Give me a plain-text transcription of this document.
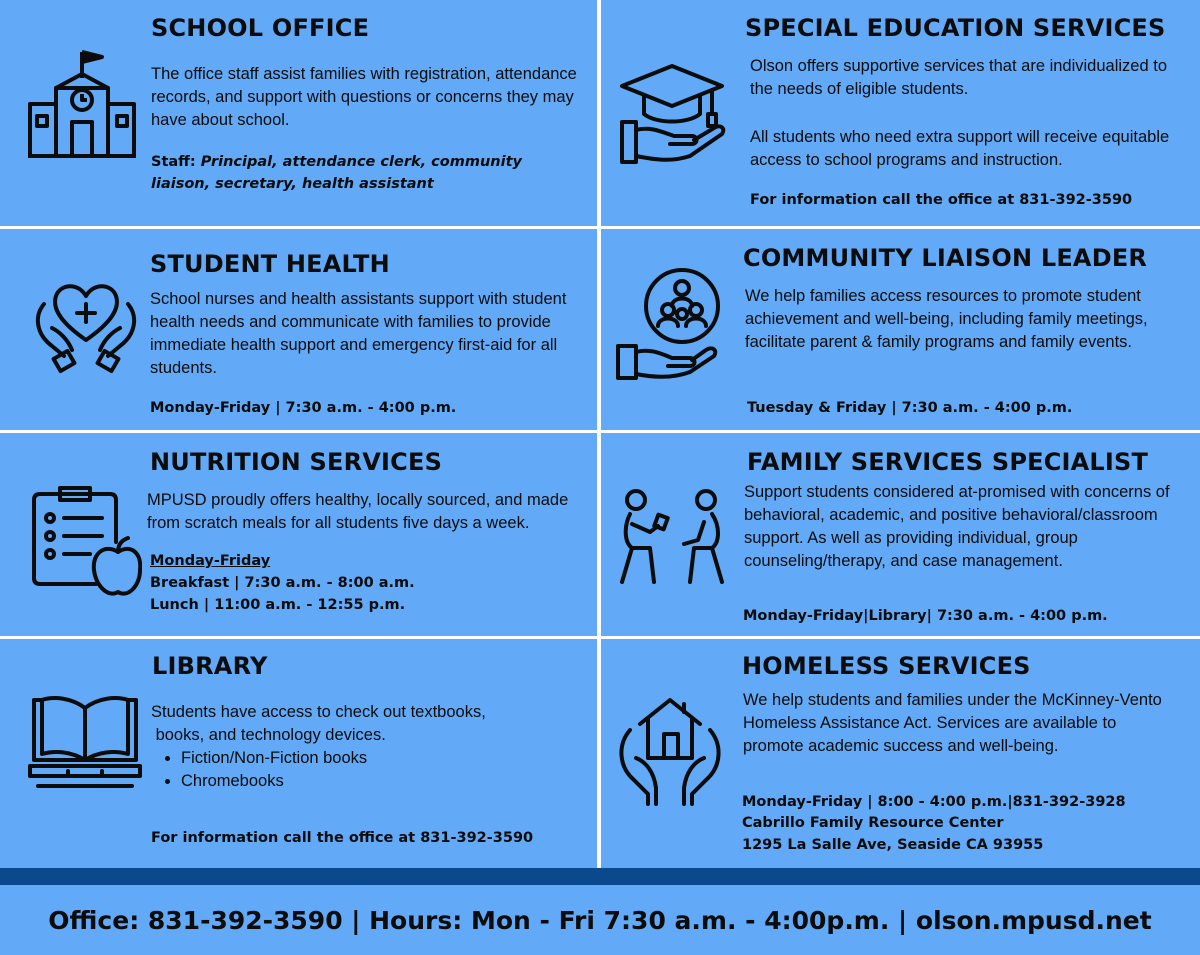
SCHOOL OFFICE

The office staff assist families with registration, attendance records, and support with questions or concerns they may have about school.

Staff: Principal, attendance clerk, community liaison, secretary, health assistant

SPECIAL EDUCATION SERVICES

Olson offers supportive services that are individualized to the needs of eligible students.

All students who need extra support will receive equitable access to school programs and instruction.

For information call the office at 831-392-3590

STUDENT HEALTH

School nurses and health assistants support with student health needs and communicate with families to provide immediate health support and emergency first-aid for all students.

Monday-Friday | 7:30 a.m. - 4:00 p.m.

COMMUNITY LIAISON LEADER

We help families access resources to promote student achievement and well-being, including family meetings, facilitate parent & family programs and family events.

Tuesday & Friday | 7:30 a.m. - 4:00 p.m.

NUTRITION SERVICES

MPUSD proudly offers healthy, locally sourced, and made from scratch meals for all students five days a week.

Monday-Friday

Breakfast | 7:30 a.m. - 8:00 a.m.

Lunch | 11:00 a.m. - 12:55 p.m.

FAMILY SERVICES SPECIALIST

Support students considered at-promised with concerns of behavioral, academic, and positive behavioral/classroom support. As well as providing individual, group counseling/therapy, and case management.

Monday-Friday|Library| 7:30 a.m. - 4:00 p.m.

LIBRARY
Students have access to check out textbooks,
books, and technology devices.
• Fiction/Non-Fiction books
• Chromebooks

For information call the office at 831-392-3590

HOMELESS SERVICES

We help students and families under the McKinney-Vento Homeless Assistance Act. Services are available to promote academic success and well-being.

Monday-Friday | 8:00 - 4:00 p.m.|831-392-3928

Cabrillo Family Resource Center

1295 La Salle Ave, Seaside CA 93955

Office: 831-392-3590 | Hours: Mon - Fri 7:30 a.m. - 4:00p.m. | olson.mpusd.net
